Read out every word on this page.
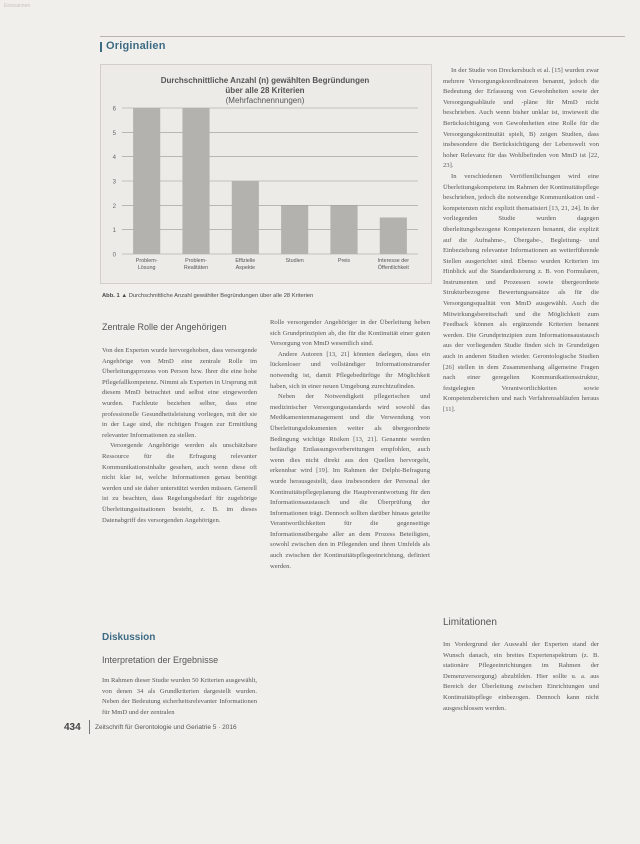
Einscannen
Originalien
Durchschnittliche Anzahl (n) gewählten Begründungen
über alle 28 Kriterien
(Mehrfachnennungen)
0
1
2
3
4
5
6
Problem-
Lösung
Problem-
Realitäten
Effizielle
Aspekte
Studien	Preis	Interesse der
Öffentlichkeit
Abb. 1 ▲ Durchschnittliche Anzahl gewählter Begründungen über alle 28 Kriterien
Zentrale Rolle der Angehörigen

Von den Experten wurde hervorgehoben, dass versorgende Angehörige von MmD eine zentrale Rolle im Überleitungsprozess von Person bzw. Ihrer die eine hohe Pflegefallkompetenz. Nimmt als Experten in Ursprung mit diesem MmD betrachtet und selbst eine eingeworden wurden. Fachleute beziehen selber, dass eine professionelle Gesundheitsleistung vorliegen, mit der sie in der Lage sind, die richtigen Fragen zur Ermittlung relevanter Informationen zu stellen.

Versorgende Angehörige werden als unschätzbare Ressource für die Erfragung relevanter Kommunikationsinhalte gesehen, auch wenn diese oft nicht klar ist, welche Informationen genau benötigt werden und sie daher unterstützt werden müssen. Generell ist zu beachten, dass Regelungsbedarf für zugehörige Überleitungssituationen besteht, z. B. im dieses Datenabgriff des versorgenden Angehörigen.

Diskussion
Interpretation der Ergebnisse

Im Rahmen dieser Studie wurden 50 Kriterien ausgewählt, von denen 34 als Grundkriterien dargestellt wurden. Neben der Bedeutung sicherheitsrelevanter Informationen für MmD und der zentralen

Rolle versorgender Angehöriger in der Überleitung heben sich Grundprinzipien ab, die für die Kontinuität einer guten Versorgung von MmD wesentlich sind.

Andere Autoren [13, 21] könnten darlegen, dass ein lückenloser und vollständiger Informationstransfer notwendig ist, damit Pflegebedürftige ihr Möglichkeit haben, sich in einer neuen Umgebung zurechtzufinden.

Neben der Notwendigkeit pflegerischen und medizinischer Versorgungsstandards wird sowohl das Medikamentenmanagement und die Verwendung von Überleitungsdokumenten weiter als übergeordnete Bedingung wichtige Risiken [13, 21]. Genannte werden beiläufige Entlassungsvorbereitungen empfohlen, auch wenn dies nicht direkt aus den Quellen hervorgeht, erkennbar wird [19]. Im Rahmen der Delphi-Befragung wurde herausgestellt, dass insbesondere der Personal der Kontinuitätspflegeplanung die Hauptverantwortung für den Informationsaustausch und die Überprüfung der Informationen trägt. Dennoch sollten darüber hinaus geteilte Verantwortlichkeiten für die gegenseitige Informationsübergabe aller an dem Prozess Beteiligten, sowohl zwischen den in Pflegenden und ihren Umfelds als auch zwischen der Kontinuitätspflegeeinrichtung, definiert werden.

In der Studie von Dreckersbuch et al. [15] wurden zwar mehrere Versorgungskoordinatoren benannt, jedoch die Bedeutung der Erfassung von Gewohnheiten sowie der Versorgungsabläufe und -pläne für MmD nicht beschrieben. Auch wenn bisher unklar ist, inwieweit die Berücksichtigung von Gewohnheiten eine Rolle für die Versorgungskontinuität spielt, B) zeigen Studien, dass insbesondere die Berücksichtigung der Lebenswelt von hoher Relevanz für das Wohlbefinden von MmD ist [22, 23].

In verschiedenen Veröffentlichungen wird eine Überleitungskompetenz im Rahmen der Kontinuitätspflege beschrieben, jedoch die notwendige Kommunikation und -kompetenzen nicht explizit thematisiert [13, 21, 24]. In der vorliegenden Studie wurden dagegen überleitungsbezogene Kompetenzen benannt, die explizit auf die Aufnahme-, Übergabe-, Begleitung- und Einbeziehung relevanter Informationen an weiterführende Stellen ausgerichtet sind. Ebenso wurden Kriterien im Hinblick auf die Standardisierung z. B. von Formularen, Instrumenten und Prozessen sowie übergeordnete Strukturbezogene Bewertungsansätze als für die Versorgungsqualität von MmD ausgewählt. Auch die Mitwirkungsbereitschaft und die Möglichkeit zum Feedback können als ergänzende Kriterien benannt werden. Die Grundprinzipien zum Informationsaustausch aus der vorliegenden Studie finden sich in Grundzügen auch in anderen Studien wieder. Gerontologische Studien [26] stellen in dem Zusammenhang allgemeine Fragen nach einer geregelten Kommunikationsstruktur, festgelegten Verantwortlichkeiten sowie Kompetenzbereichen und nach Verfahrensabläufen heraus [11].

Limitationen

Im Vordergrund der Auswahl der Experten stand der Wunsch danach, ein breites Expertenspektrum (z. B. stationäre Pflegeeinrichtungen im Rahmen der Demenzversorgung) abzubilden. Hier sollte u. a. aus Bereich der Überleitung zwischen Einrichtungen und Kontinuitätspflege einbezogen. Dennoch kann nicht ausgeschlossen werden.

434 Zeitschrift für Gerontologie und Geriatrie 5 · 2016
